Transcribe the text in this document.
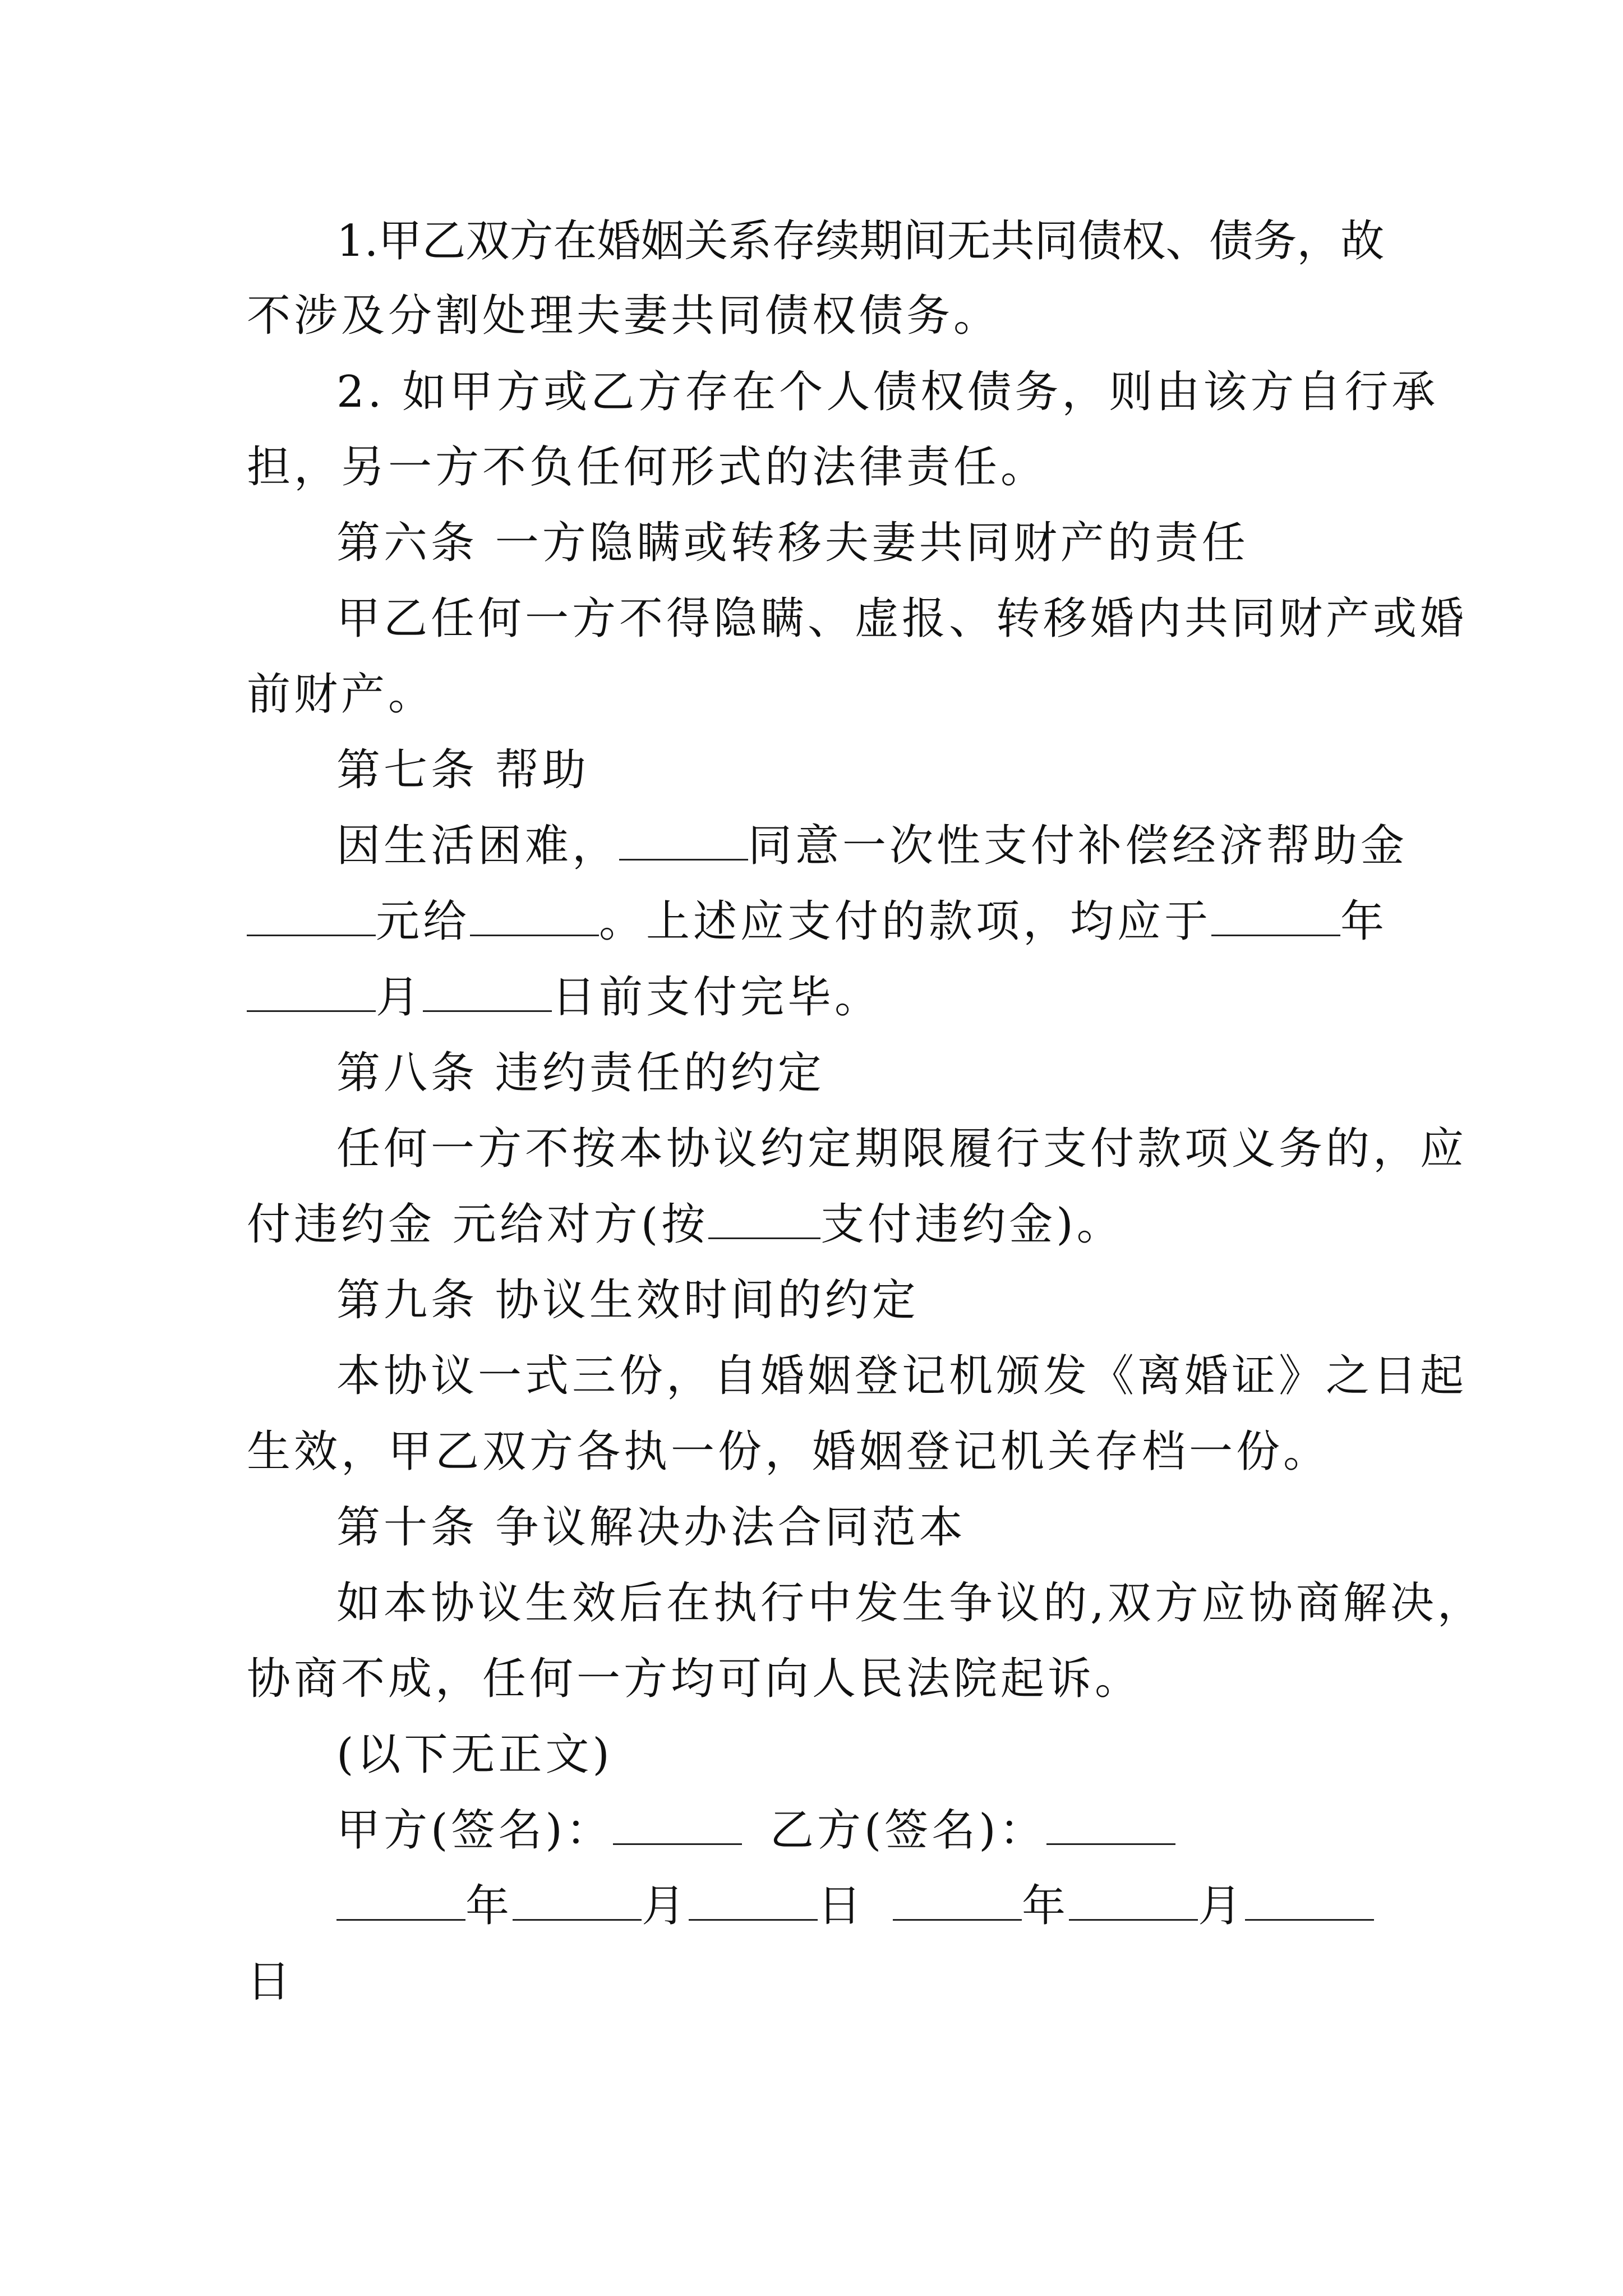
1.甲乙双方在婚姻关系存续期间无共同债权、债务，故
不涉及分割处理夫妻共同债权债务。
2. 如甲方或乙方存在个人债权债务，则由该方自行承
担，另一方不负任何形式的法律责任。
第六条 一方隐瞒或转移夫妻共同财产的责任
甲乙任何一方不得隐瞒、虚报、转移婚内共同财产或婚
前财产。
第七条 帮助
因生活困难，	同意一次性支付补偿经济帮助金
元给	。上述应支付的款项，均应于	年
月	日前支付完毕。
第八条 违约责任的约定
任何一方不按本协议约定期限履行支付款项义务的，应
付违约金 元给对方(按	支付违约金)。
第九条 协议生效时间的约定
本协议一式三份，自婚姻登记机颁发《离婚证》之日起
生效，甲乙双方各执一份，婚姻登记机关存档一份。
第十条 争议解决办法合同范本
如本协议生效后在执行中发生争议的,双方应协商解决，
协商不成，任何一方均可向人民法院起诉。
(以下无正文)
甲方(签名)：	乙方(签名)：
年	月	日	年	月
日
